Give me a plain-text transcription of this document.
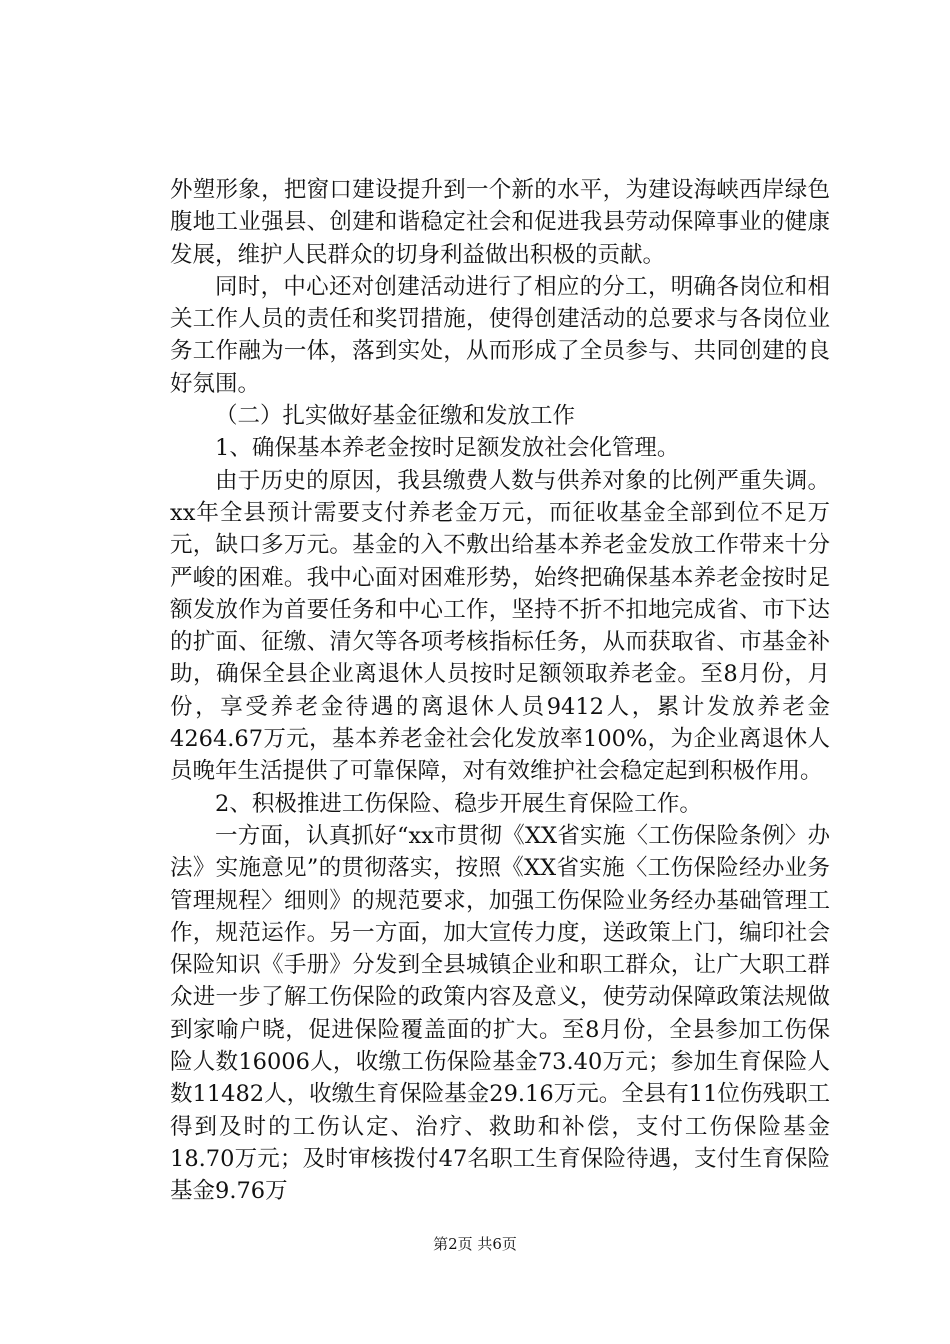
外塑形象，把窗口建设提升到一个新的水平，为建设海峡西岸绿色腹地工业强县、创建和谐稳定社会和促进我县劳动保障事业的健康发展，维护人民群众的切身利益做出积极的贡献。

同时，中心还对创建活动进行了相应的分工，明确各岗位和相关工作人员的责任和奖罚措施，使得创建活动的总要求与各岗位业务工作融为一体，落到实处，从而形成了全员参与、共同创建的良好氛围。

（二）扎实做好基金征缴和发放工作

1、确保基本养老金按时足额发放社会化管理。

由于历史的原因，我县缴费人数与供养对象的比例严重失调。xx年全县预计需要支付养老金万元，而征收基金全部到位不足万元，缺口多万元。基金的入不敷出给基本养老金发放工作带来十分严峻的困难。我中心面对困难形势，始终把确保基本养老金按时足额发放作为首要任务和中心工作，坚持不折不扣地完成省、市下达的扩面、征缴、清欠等各项考核指标任务，从而获取省、市基金补助，确保全县企业离退休人员按时足额领取养老金。至8月份，月份，享受养老金待遇的离退休人员9412人，累计发放养老金4264.67万元，基本养老金社会化发放率100%，为企业离退休人员晚年生活提供了可靠保障，对有效维护社会稳定起到积极作用。

2、积极推进工伤保险、稳步开展生育保险工作。

一方面，认真抓好“xx市贯彻《XX省实施〈工伤保险条例〉办法》实施意见”的贯彻落实，按照《XX省实施〈工伤保险经办业务管理规程〉细则》的规范要求，加强工伤保险业务经办基础管理工作，规范运作。另一方面，加大宣传力度，送政策上门，编印社会保险知识《手册》分发到全县城镇企业和职工群众，让广大职工群众进一步了解工伤保险的政策内容及意义，使劳动保障政策法规做到家喻户晓，促进保险覆盖面的扩大。至8月份，全县参加工伤保险人数16006人，收缴工伤保险基金73.40万元；参加生育保险人数11482人，收缴生育保险基金29.16万元。全县有11位伤残职工得到及时的工伤认定、治疗、救助和补偿，支付工伤保险基金18.70万元；及时审核拨付47名职工生育保险待遇，支付生育保险基金9.76万

第2页 共6页
